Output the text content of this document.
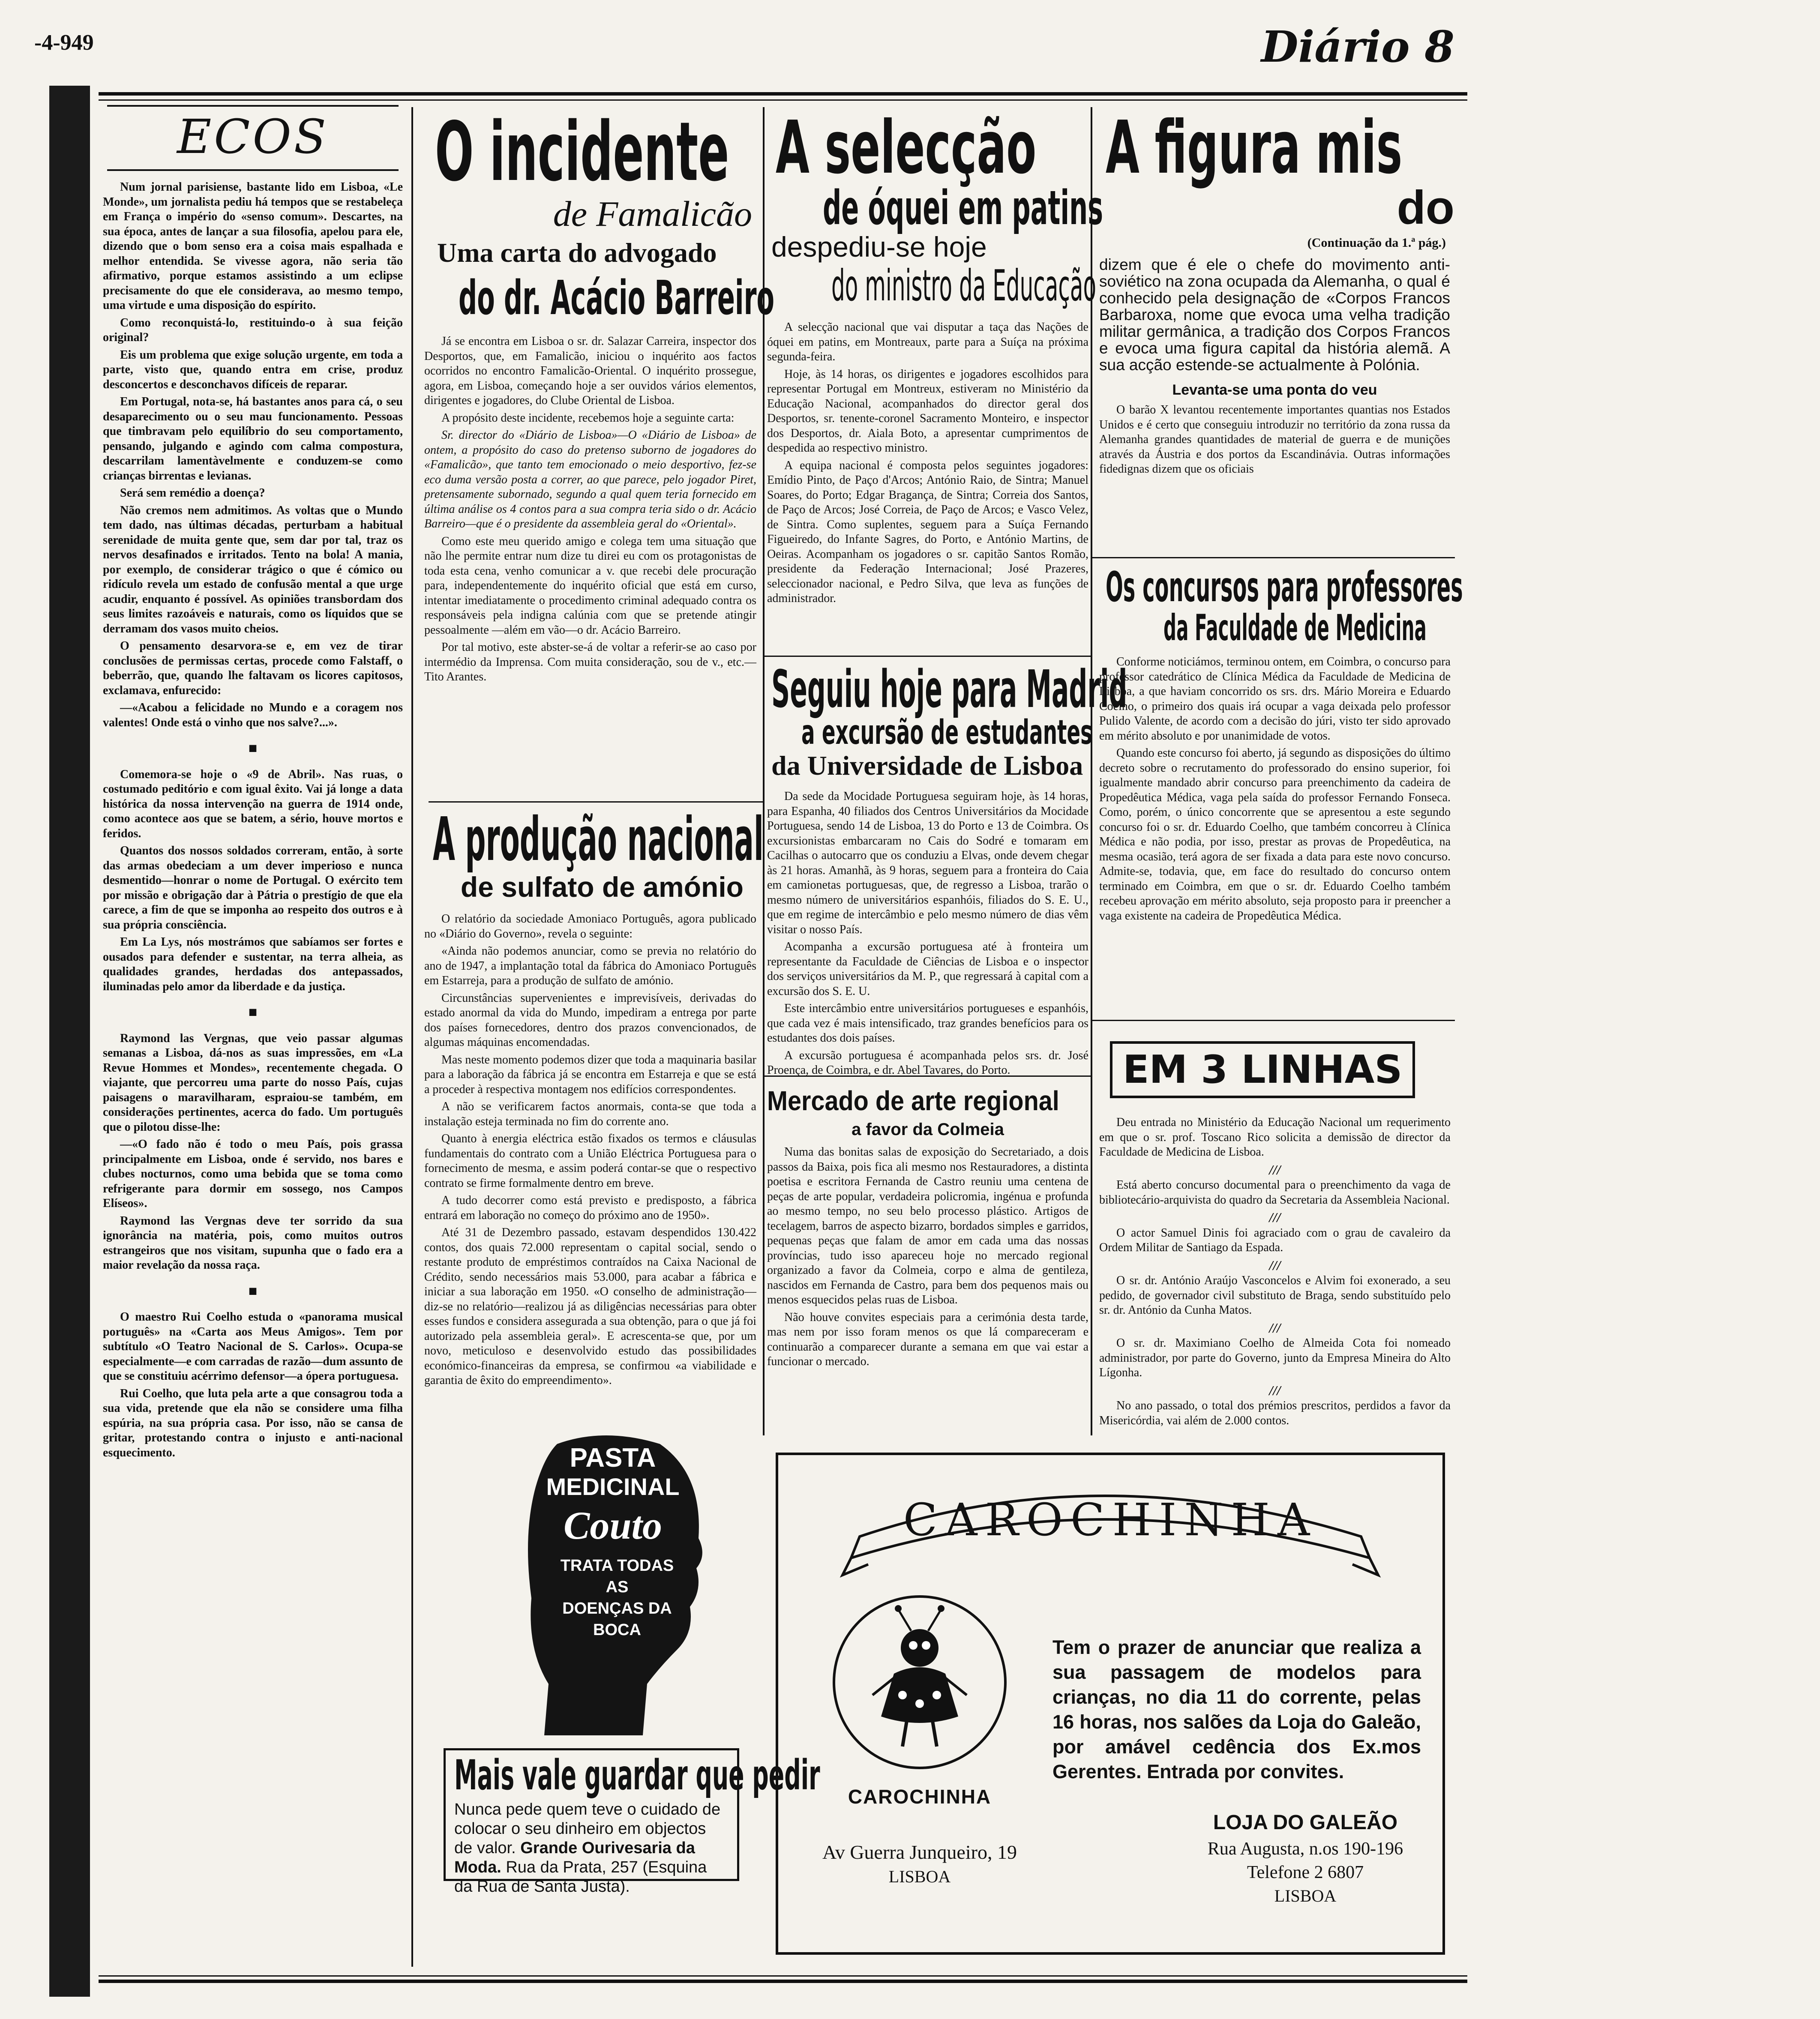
-4-949	Diário 8
ECOS

Num jornal parisiense, bastante lido em Lisboa, «Le Monde», um jornalista pediu há tempos que se restabeleça em França o império do «senso comum». Descartes, na sua época, antes de lançar a sua filosofia, apelou para ele, dizendo que o bom senso era a coisa mais espalhada e melhor entendida. Se vivesse agora, não seria tão afirmativo, porque estamos assistindo a um eclipse precisamente do que ele considerava, ao mesmo tempo, uma virtude e uma disposição do espírito.

Como reconquistá-lo, restituindo-o à sua feição original?

Eis um problema que exige solução urgente, em toda a parte, visto que, quando entra em crise, produz desconcertos e desconchavos difíceis de reparar.

Em Portugal, nota-se, há bastantes anos para cá, o seu desaparecimento ou o seu mau funcionamento. Pessoas que timbravam pelo equilíbrio do seu comportamento, pensando, julgando e agindo com calma compostura, descarrilam lamentàvelmente e conduzem-se como crianças birrentas e levianas.

Será sem remédio a doença?

Não cremos nem admitimos. As voltas que o Mundo tem dado, nas últimas décadas, perturbam a habitual serenidade de muita gente que, sem dar por tal, traz os nervos desafinados e irritados. Tento na bola! A mania, por exemplo, de considerar trágico o que é cómico ou ridículo revela um estado de confusão mental a que urge acudir, enquanto é possível. As opiniões transbordam dos seus limites razoáveis e naturais, como os líquidos que se derramam dos vasos muito cheios.

O pensamento desarvora-se e, em vez de tirar conclusões de permissas certas, procede como Falstaff, o beberrão, que, quando lhe faltavam os licores capitosos, exclamava, enfurecido:

—«Acabou a felicidade no Mundo e a coragem nos valentes! Onde está o vinho que nos salve?...».

■

Comemora-se hoje o «9 de Abril». Nas ruas, o costumado peditório e com igual êxito. Vai já longe a data histórica da nossa intervenção na guerra de 1914 onde, como acontece aos que se batem, a sério, houve mortos e feridos.

Quantos dos nossos soldados correram, então, à sorte das armas obedeciam a um dever imperioso e nunca desmentido—honrar o nome de Portugal. O exército tem por missão e obrigação dar à Pátria o prestígio de que ela carece, a fim de que se imponha ao respeito dos outros e à sua própria consciência.

Em La Lys, nós mostrámos que sabíamos ser fortes e ousados para defender e sustentar, na terra alheia, as qualidades grandes, herdadas dos antepassados, iluminadas pelo amor da liberdade e da justiça.

■

Raymond las Vergnas, que veio passar algumas semanas a Lisboa, dá-nos as suas impressões, em «La Revue Hommes et Mondes», recentemente chegada. O viajante, que percorreu uma parte do nosso País, cujas paisagens o maravilharam, espraiou-se também, em considerações pertinentes, acerca do fado. Um português que o pilotou disse-lhe:

—«O fado não é todo o meu País, pois grassa principalmente em Lisboa, onde é servido, nos bares e clubes nocturnos, como uma bebida que se toma como refrigerante para dormir em sossego, nos Campos Elíseos».

Raymond las Vergnas deve ter sorrido da sua ignorância na matéria, pois, como muitos outros estrangeiros que nos visitam, supunha que o fado era a maior revelação da nossa raça.

■

O maestro Rui Coelho estuda o «panorama musical português» na «Carta aos Meus Amigos». Tem por subtítulo «O Teatro Nacional de S. Carlos». Ocupa-se especialmente—e com carradas de razão—dum assunto de que se constituiu acérrimo defensor—a ópera portuguesa.

Rui Coelho, que luta pela arte a que consagrou toda a sua vida, pretende que ela não se considere uma filha espúria, na sua própria casa. Por isso, não se cansa de gritar, protestando contra o injusto e anti-nacional esquecimento.

O incidente
de Famalicão
Uma carta do advogado
do dr. Acácio Barreiro

Já se encontra em Lisboa o sr. dr. Salazar Carreira, inspector dos Desportos, que, em Famalicão, iniciou o inquérito aos factos ocorridos no encontro Famalicão-Oriental. O inquérito prossegue, agora, em Lisboa, começando hoje a ser ouvidos vários elementos, dirigentes e jogadores, do Clube Oriental de Lisboa.

A propósito deste incidente, recebemos hoje a seguinte carta:

Sr. director do «Diário de Lisboa»—O «Diário de Lisboa» de ontem, a propósito do caso do pretenso suborno de jogadores do «Famalicão», que tanto tem emocionado o meio desportivo, fez-se eco duma versão posta a correr, ao que parece, pelo jogador Piret, pretensamente subornado, segundo a qual quem teria fornecido em última análise os 4 contos para a sua compra teria sido o dr. Acácio Barreiro—que é o presidente da assembleia geral do «Oriental».

Como este meu querido amigo e colega tem uma situação que não lhe permite entrar num dize tu direi eu com os protagonistas de toda esta cena, venho comunicar a v. que recebi dele procuração para, independentemente do inquérito oficial que está em curso, intentar imediatamente o procedimento criminal adequado contra os responsáveis pela indigna calúnia com que se pretende atingir pessoalmente —além em vão—o dr. Acácio Barreiro.

Por tal motivo, este abster-se-á de voltar a referir-se ao caso por intermédio da Imprensa. Com muita consideração, sou de v., etc.—Tito Arantes.

A produção nacional
de sulfato de amónio

O relatório da sociedade Amoniaco Português, agora publicado no «Diário do Governo», revela o seguinte:

«Ainda não podemos anunciar, como se previa no relatório do ano de 1947, a implantação total da fábrica do Amoniaco Português em Estarreja, para a produção de sulfato de amónio.

Circunstâncias supervenientes e imprevisíveis, derivadas do estado anormal da vida do Mundo, impediram a entrega por parte dos países fornecedores, dentro dos prazos convencionados, de algumas máquinas encomendadas.

Mas neste momento podemos dizer que toda a maquinaria basilar para a laboração da fábrica já se encontra em Estarreja e que se está a proceder à respectiva montagem nos edifícios correspondentes.

A não se verificarem factos anormais, conta-se que toda a instalação esteja terminada no fim do corrente ano.

Quanto à energia eléctrica estão fixados os termos e cláusulas fundamentais do contrato com a União Eléctrica Portuguesa para o fornecimento de mesma, e assim poderá contar-se que o respectivo contrato se firme formalmente dentro em breve.

A tudo decorrer como está previsto e predisposto, a fábrica entrará em laboração no começo do próximo ano de 1950».

Até 31 de Dezembro passado, estavam despendidos 130.422 contos, dos quais 72.000 representam o capital social, sendo o restante produto de empréstimos contraídos na Caixa Nacional de Crédito, sendo necessários mais 53.000, para acabar a fábrica e iniciar a sua laboração em 1950. «O conselho de administração—diz-se no relatório—realizou já as diligências necessárias para obter esses fundos e considera assegurada a sua obtenção, para o que já foi autorizado pela assembleia geral». E acrescenta-se que, por um novo, meticuloso e desenvolvido estudo das possibilidades económico-financeiras da empresa, se confirmou «a viabilidade e garantia de êxito do empreendimento».

PASTA
MEDICINAL
Couto
TRATA TODAS
AS
DOENÇAS DA
BOCA
Mais vale guardar que pedir
Nunca pede quem teve o cuidado de colocar o seu dinheiro em objectos de valor. Grande Ourivesaria da Moda. Rua da Prata, 257 (Esquina da Rua de Santa Justa).
A selecção
de óquei em patins
despediu-se hoje
do ministro da Educação

A selecção nacional que vai disputar a taça das Nações de óquei em patins, em Montreaux, parte para a Suíça na próxima segunda-feira.

Hoje, às 14 horas, os dirigentes e jogadores escolhidos para representar Portugal em Montreux, estiveram no Ministério da Educação Nacional, acompanhados do director geral dos Desportos, sr. tenente-coronel Sacramento Monteiro, e inspector dos Desportos, dr. Aiala Boto, a apresentar cumprimentos de despedida ao respectivo ministro.

A equipa nacional é composta pelos seguintes jogadores: Emídio Pinto, de Paço d'Arcos; António Raio, de Sintra; Manuel Soares, do Porto; Edgar Bragança, de Sintra; Correia dos Santos, de Paço de Arcos; José Correia, de Paço de Arcos; e Vasco Velez, de Sintra. Como suplentes, seguem para a Suíça Fernando Figueiredo, do Infante Sagres, do Porto, e António Martins, de Oeiras. Acompanham os jogadores o sr. capitão Santos Romão, presidente da Federação Internacional; José Prazeres, seleccionador nacional, e Pedro Silva, que leva as funções de administrador.

Seguiu hoje para Madrid
a excursão de estudantes
da Universidade de Lisboa

Da sede da Mocidade Portuguesa seguiram hoje, às 14 horas, para Espanha, 40 filiados dos Centros Universitários da Mocidade Portuguesa, sendo 14 de Lisboa, 13 do Porto e 13 de Coimbra. Os excursionistas embarcaram no Cais do Sodré e tomaram em Cacilhas o autocarro que os conduziu a Elvas, onde devem chegar às 21 horas. Amanhã, às 9 horas, seguem para a fronteira do Caia em camionetas portuguesas, que, de regresso a Lisboa, trarão o mesmo número de universitários espanhóis, filiados do S. E. U., que em regime de intercâmbio e pelo mesmo número de dias vêm visitar o nosso País.

Acompanha a excursão portuguesa até à fronteira um representante da Faculdade de Ciências de Lisboa e o inspector dos serviços universitários da M. P., que regressará à capital com a excursão dos S. E. U.

Este intercâmbio entre universitários portugueses e espanhóis, que cada vez é mais intensificado, traz grandes benefícios para os estudantes dos dois países.

A excursão portuguesa é acompanhada pelos srs. dr. José Proença, de Coimbra, e dr. Abel Tavares, do Porto.

Mercado de arte regional
a favor da Colmeia

Numa das bonitas salas de exposição do Secretariado, a dois passos da Baixa, pois fica ali mesmo nos Restauradores, a distinta poetisa e escritora Fernanda de Castro reuniu uma centena de peças de arte popular, verdadeira policromia, ingénua e profunda ao mesmo tempo, no seu belo processo plástico. Artigos de tecelagem, barros de aspecto bizarro, bordados simples e garridos, pequenas peças que falam de amor em cada uma das nossas províncias, tudo isso apareceu hoje no mercado regional organizado a favor da Colmeia, corpo e alma de gentileza, nascidos em Fernanda de Castro, para bem dos pequenos mais ou menos esquecidos pelas ruas de Lisboa.

Não houve convites especiais para a cerimónia desta tarde, mas nem por isso foram menos os que lá compareceram e continuarão a comparecer durante a semana em que vai estar a funcionar o mercado.

A figura mis
do
(Continuação da 1.ª pág.)
dizem que é ele o chefe do movimento anti-soviético na zona ocupada da Alemanha, o qual é conhecido pela designação de «Corpos Francos Barbaroxa, nome que evoca uma velha tradição militar germânica, a tradição dos Corpos Francos e evoca uma figura capital da história alemã. A sua acção estende-se actualmente à Polónia.
Levanta-se uma ponta do veu

O barão X levantou recentemente importantes quantias nos Estados Unidos e é certo que conseguiu introduzir no território da zona russa da Alemanha grandes quantidades de material de guerra e de munições através da Áustria e dos portos da Escandinávia. Outras informações fidedignas dizem que os oficiais

Os concursos para professores
da Faculdade de Medicina

Conforme noticiámos, terminou ontem, em Coimbra, o concurso para professor catedrático de Clínica Médica da Faculdade de Medicina de Lisboa, a que haviam concorrido os srs. drs. Mário Moreira e Eduardo Coelho, o primeiro dos quais irá ocupar a vaga deixada pelo professor Pulido Valente, de acordo com a decisão do júri, visto ter sido aprovado em mérito absoluto e por unanimidade de votos.

Quando este concurso foi aberto, já segundo as disposições do último decreto sobre o recrutamento do professorado do ensino superior, foi igualmente mandado abrir concurso para preenchimento da cadeira de Propedêutica Médica, vaga pela saída do professor Fernando Fonseca. Como, porém, o único concorrente que se apresentou a este segundo concurso foi o sr. dr. Eduardo Coelho, que também concorreu à Clínica Médica e não podia, por isso, prestar as provas de Propedêutica, na mesma ocasião, terá agora de ser fixada a data para este novo concurso. Admite-se, todavia, que, em face do resultado do concurso ontem terminado em Coimbra, em que o sr. dr. Eduardo Coelho também recebeu aprovação em mérito absoluto, seja proposto para ir preencher a vaga existente na cadeira de Propedêutica Médica.

EM 3 LINHAS

Deu entrada no Ministério da Educação Nacional um requerimento em que o sr. prof. Toscano Rico solicita a demissão de director da Faculdade de Medicina de Lisboa.

///

Está aberto concurso documental para o preenchimento da vaga de bibliotecário-arquivista do quadro da Secretaria da Assembleia Nacional.

///

O actor Samuel Dinis foi agraciado com o grau de cavaleiro da Ordem Militar de Santiago da Espada.

///

O sr. dr. António Araújo Vasconcelos e Alvim foi exonerado, a seu pedido, de governador civil substituto de Braga, sendo substituído pelo sr. dr. António da Cunha Matos.

///

O sr. dr. Maximiano Coelho de Almeida Cota foi nomeado administrador, por parte do Governo, junto da Empresa Mineira do Alto Lígonha.

///

No ano passado, o total dos prémios prescritos, perdidos a favor da Misericórdia, vai além de 2.000 contos.

CAROCHINHA
CAROCHINHA
Av Guerra Junqueiro, 19
LISBOA
Tem o prazer de anunciar que realiza a sua passagem de modelos para crianças, no dia 11 do corrente, pelas 16 horas, nos salões da Loja do Galeão, por amável cedência dos Ex.mos Gerentes. Entrada por convites.
LOJA DO GALEÃO
Rua Augusta, n.os 190-196
Telefone 2 6807
LISBOA
